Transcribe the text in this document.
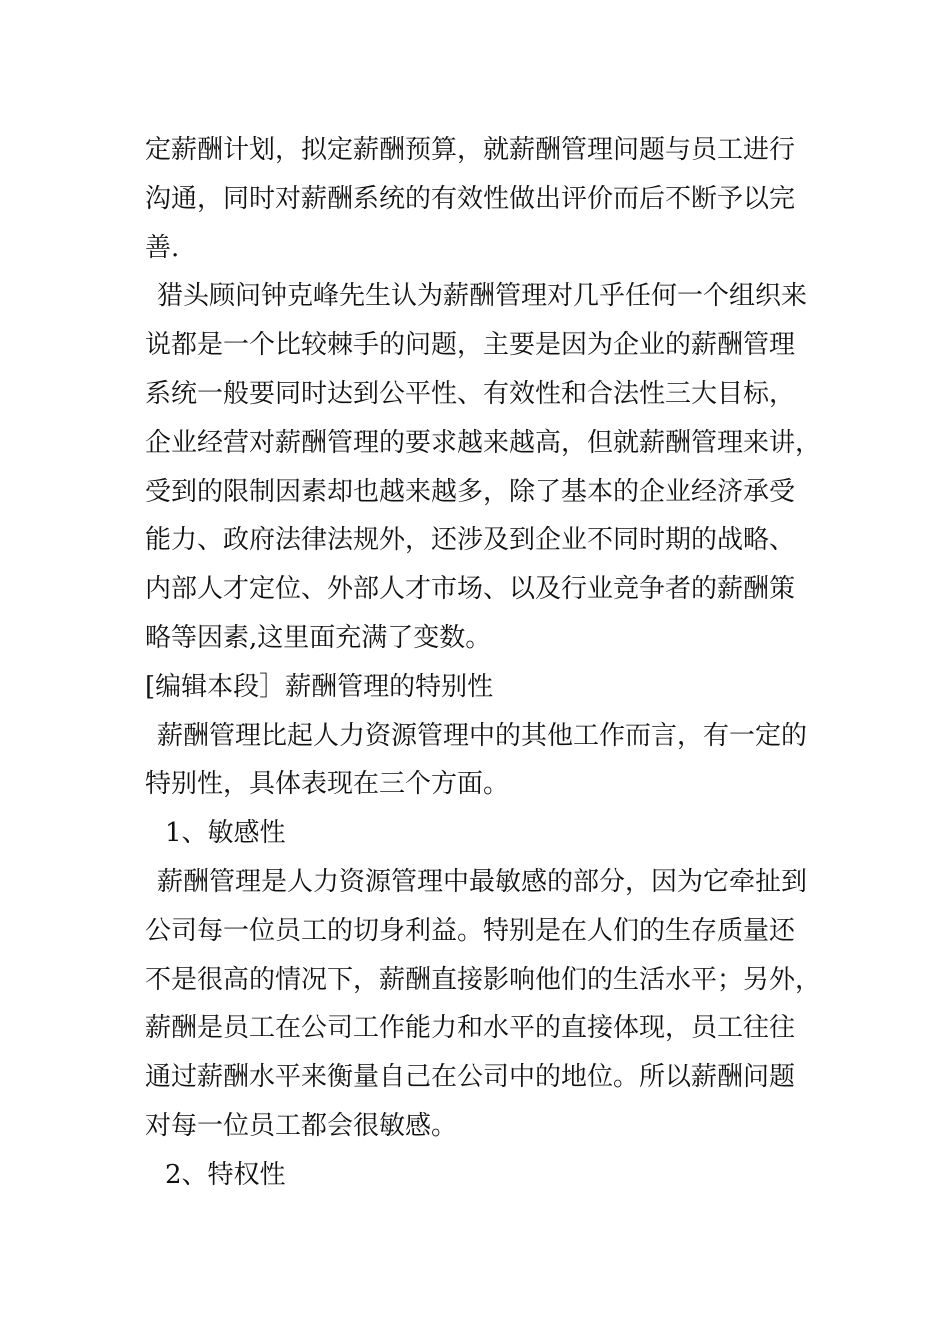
定薪酬计划，拟定薪酬预算，就薪酬管理问题与员工进行
沟通，同时对薪酬系统的有效性做出评价而后不断予以完
善.
猎头顾问钟克峰先生认为薪酬管理对几乎任何一个组织来
说都是一个比较棘手的问题，主要是因为企业的薪酬管理
系统一般要同时达到公平性、有效性和合法性三大目标，
企业经营对薪酬管理的要求越来越高，但就薪酬管理来讲，
受到的限制因素却也越来越多，除了基本的企业经济承受
能力、政府法律法规外，还涉及到企业不同时期的战略、
内部人才定位、外部人才市场、以及行业竞争者的薪酬策
略等因素,这里面充满了变数。
[编辑本段］薪酬管理的特别性
薪酬管理比起人力资源管理中的其他工作而言，有一定的
特别性，具体表现在三个方面。
1、敏感性
薪酬管理是人力资源管理中最敏感的部分，因为它牵扯到
公司每一位员工的切身利益。特别是在人们的生存质量还
不是很高的情况下，薪酬直接影响他们的生活水平；另外，
薪酬是员工在公司工作能力和水平的直接体现，员工往往
通过薪酬水平来衡量自己在公司中的地位。所以薪酬问题
对每一位员工都会很敏感。
2、特权性
